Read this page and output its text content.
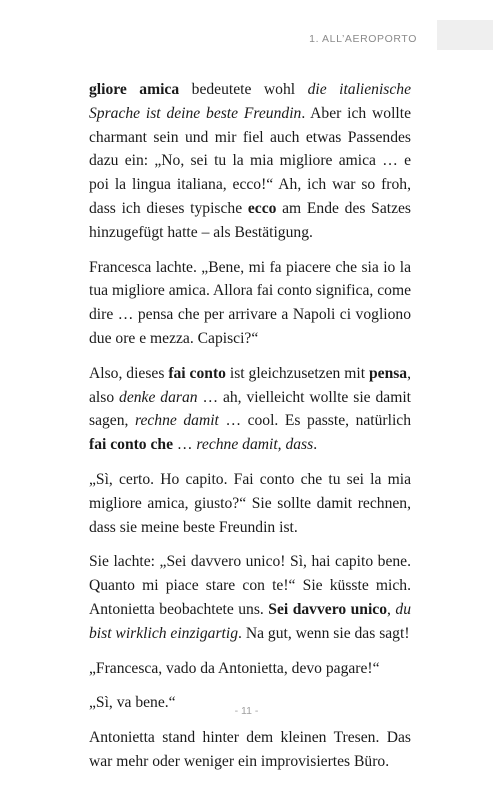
1. ALL’AEROPORTO

gliore amica bedeutete wohl die italienische Sprache ist deine beste Freundin. Aber ich wollte charmant sein und mir fiel auch etwas Passendes dazu ein: „No, sei tu la mia migliore amica … e poi la lingua italiana, ecco!“ Ah, ich war so froh, dass ich dieses typische ecco am Ende des Satzes hinzugefügt hatte – als Bestätigung.

Francesca lachte. „Bene, mi fa piacere che sia io la tua migliore amica. Allora fai conto significa, come dire … pensa che per arrivare a Napoli ci vogliono due ore e mezza. Capisci?“

Also, dieses fai conto ist gleichzusetzen mit pensa, also denke daran … ah, vielleicht wollte sie damit sagen, rechne damit … cool. Es passte, natürlich fai conto che … rechne damit, dass.

„Sì, certo. Ho capito. Fai conto che tu sei la mia migliore amica, giusto?“ Sie sollte damit rechnen, dass sie meine beste Freundin ist.

Sie lachte: „Sei davvero unico! Sì, hai capito bene. Quanto mi piace stare con te!“ Sie küsste mich. Antonietta beobachtete uns. Sei davvero unico, du bist wirklich einzigartig. Na gut, wenn sie das sagt!

„Francesca, vado da Antonietta, devo pagare!“

„Sì, va bene.“

Antonietta stand hinter dem kleinen Tresen. Das war mehr oder weniger ein improvisiertes Büro.

- 11 -
